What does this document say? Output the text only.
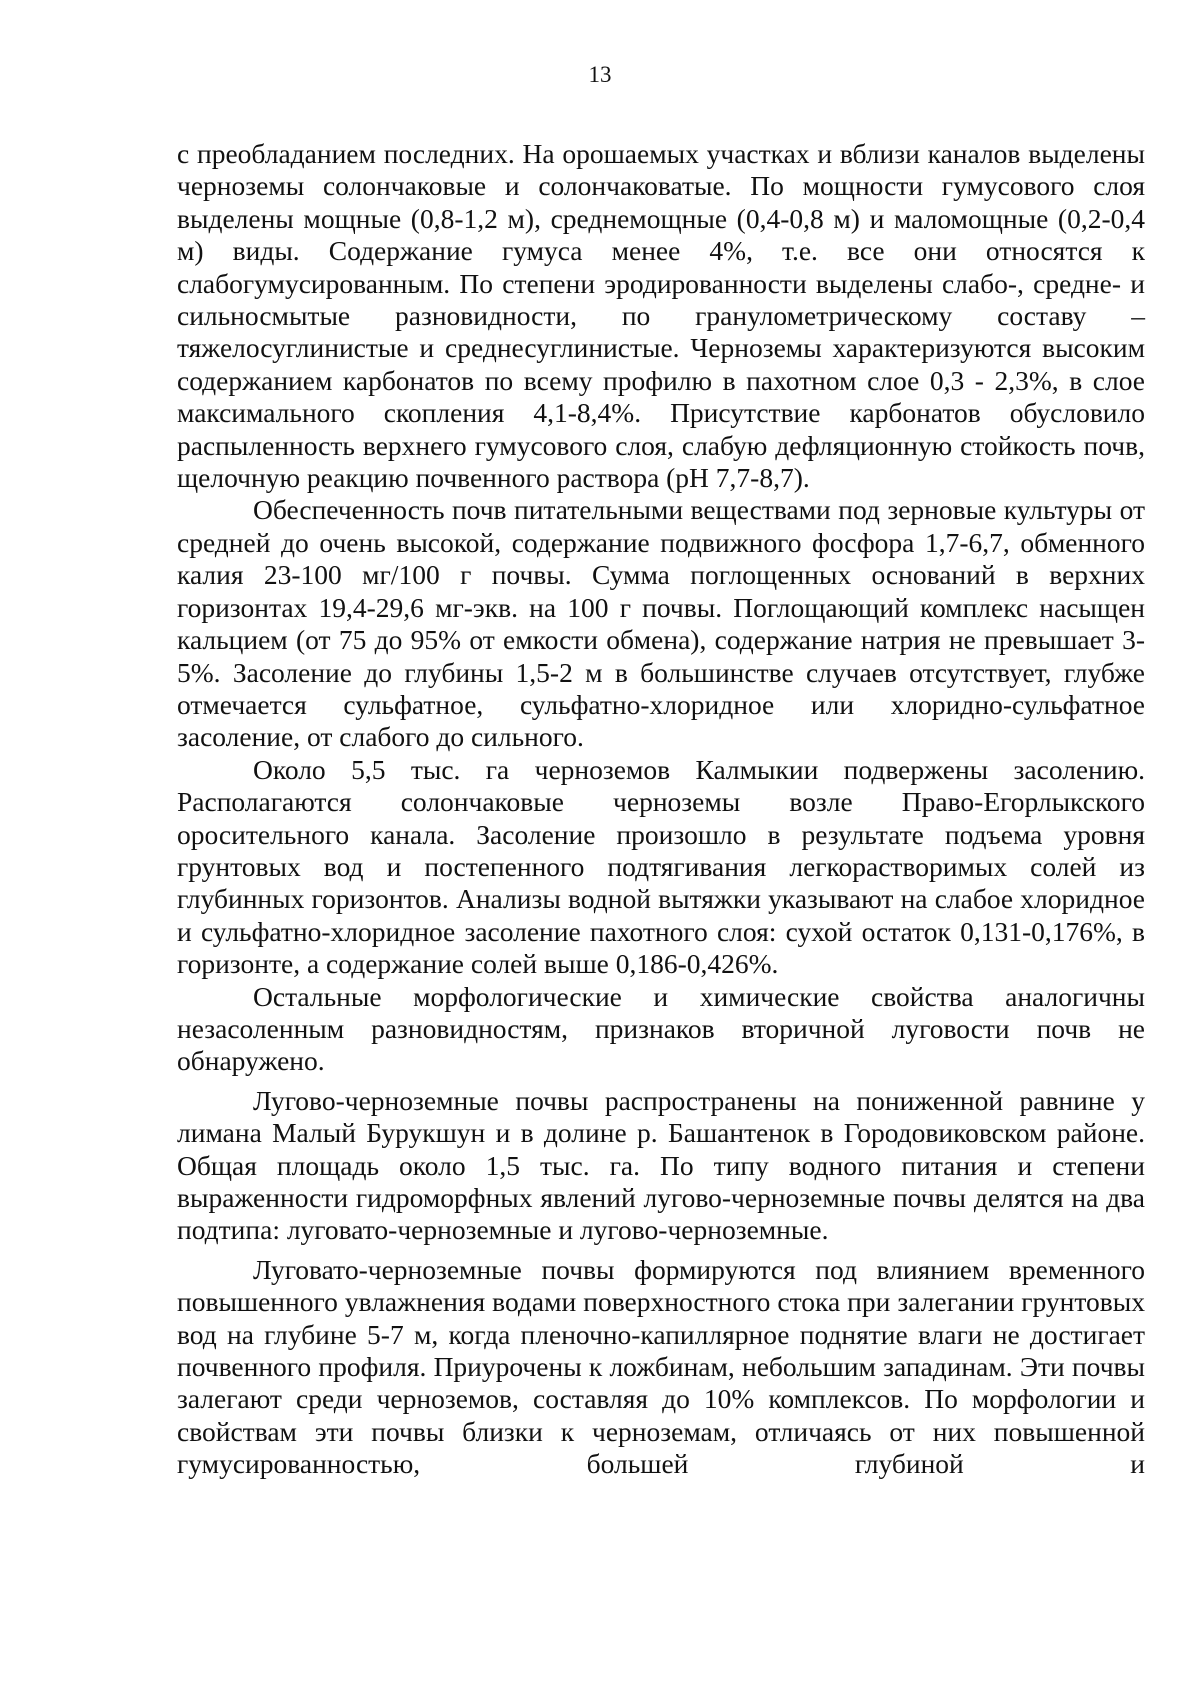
13

с преобладанием последних. На орошаемых участках и вблизи каналов выделены черноземы солончаковые и солончаковатые. По мощности гумусового слоя выделены мощные (0,8-1,2 м), среднемощные (0,4-0,8 м) и маломощные (0,2-0,4 м) виды. Содержание гумуса менее 4%, т.е. все они относятся к слабогумусированным. По степени эродированности выделены слабо-, средне- и сильносмытые разновидности, по гранулометрическому составу – тяжелосуглинистые и среднесуглинистые. Черноземы характеризуются высоким содержанием карбонатов по всему профилю в пахотном слое 0,3 - 2,3%, в слое максимального скопления 4,1-8,4%. Присутствие карбонатов обусловило распыленность верхнего гумусового слоя, слабую дефляционную стойкость почв, щелочную реакцию почвенного раствора (рН 7,7-8,7).

Обеспеченность почв питательными веществами под зерновые культуры от средней до очень высокой, содержание подвижного фосфора 1,7-6,7, обменного калия 23-100 мг/100 г почвы. Сумма поглощенных оснований в верхних горизонтах 19,4-29,6 мг-экв. на 100 г почвы. Поглощающий комплекс насыщен кальцием (от 75 до 95% от емкости обмена), содержание натрия не превышает 3-5%. Засоление до глубины 1,5-2 м в большинстве случаев отсутствует, глубже отмечается сульфатное, сульфатно-хлоридное или хлоридно-сульфатное засоление, от слабого до сильного.

Около 5,5 тыс. га черноземов Калмыкии подвержены засолению. Располагаются солончаковые черноземы возле Право-Егорлыкского оросительного канала. Засоление произошло в результате подъема уровня грунтовых вод и постепенного подтягивания легкорастворимых солей из глубинных горизонтов. Анализы водной вытяжки указывают на слабое хлоридное и сульфатно-хлоридное засоление пахотного слоя: сухой остаток 0,131-0,176%, в горизонте, а содержание солей выше 0,186-0,426%.

Остальные морфологические и химические свойства аналогичны незасоленным разновидностям, признаков вторичной луговости почв не обнаружено.

Лугово-черноземные почвы распространены на пониженной равнине у лимана Малый Бурукшун и в долине р. Башантенок в Городовиковском районе. Общая площадь около 1,5 тыс. га. По типу водного питания и степени выраженности гидроморфных явлений лугово-черноземные почвы делятся на два подтипа: луговато-черноземные и лугово-черноземные.

Луговато-черноземные почвы формируются под влиянием временного повышенного увлажнения водами поверхностного стока при залегании грунтовых вод на глубине 5-7 м, когда пленочно-капиллярное поднятие влаги не достигает почвенного профиля. Приурочены к ложбинам, небольшим западинам. Эти почвы залегают среди черноземов, составляя до 10% комплексов. По морфологии и свойствам эти почвы близки к черноземам, отличаясь от них повышенной гумусированностью, большей глубиной и
